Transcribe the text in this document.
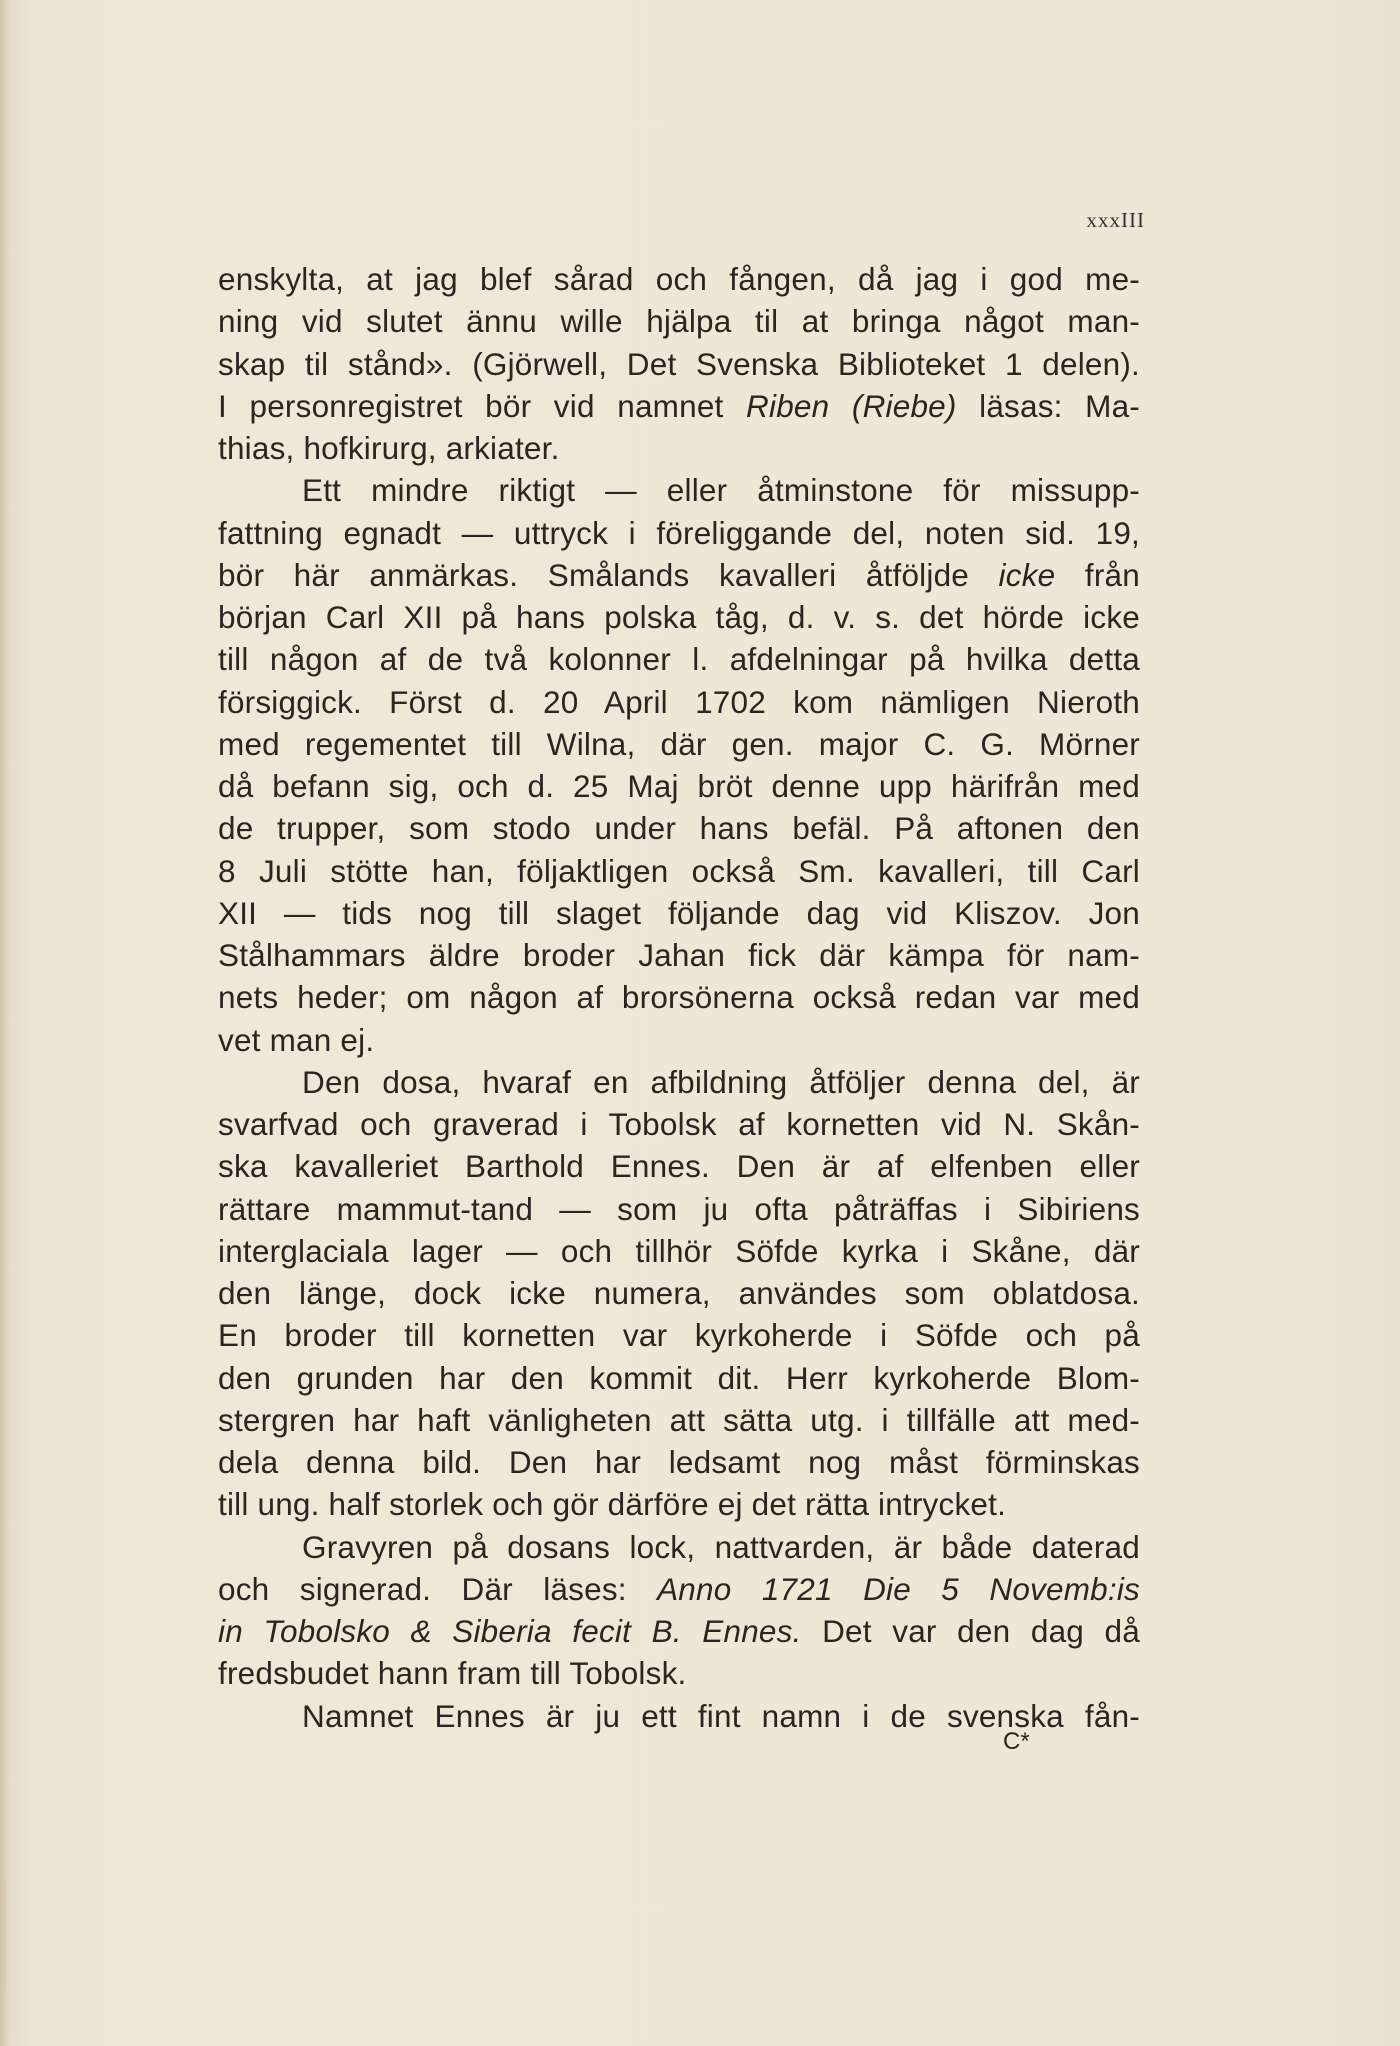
xxxIII
enskylta, at jag blef sårad och fången, då jag i god me-
ning vid slutet ännu wille hjälpa til at bringa något man-
skap til stånd». (Gjörwell, Det Svenska Biblioteket 1 delen).
I personregistret bör vid namnet Riben (Riebe) läsas: Ma-
thias, hofkirurg, arkiater.
Ett mindre riktigt — eller åtminstone för missupp-
fattning egnadt — uttryck i föreliggande del, noten sid. 19,
bör här anmärkas. Smålands kavalleri åtföljde icke från
början Carl XII på hans polska tåg, d. v. s. det hörde icke
till någon af de två kolonner l. afdelningar på hvilka detta
försiggick. Först d. 20 April 1702 kom nämligen Nieroth
med regementet till Wilna, där gen. major C. G. Mörner
då befann sig, och d. 25 Maj bröt denne upp härifrån med
de trupper, som stodo under hans befäl. På aftonen den
8 Juli stötte han, följaktligen också Sm. kavalleri, till Carl
XII — tids nog till slaget följande dag vid Kliszov. Jon
Stålhammars äldre broder Jahan fick där kämpa för nam-
nets heder; om någon af brorsönerna också redan var med
vet man ej.
Den dosa, hvaraf en afbildning åtföljer denna del, är
svarfvad och graverad i Tobolsk af kornetten vid N. Skån-
ska kavalleriet Barthold Ennes. Den är af elfenben eller
rättare mammut-tand — som ju ofta påträffas i Sibiriens
interglaciala lager — och tillhör Söfde kyrka i Skåne, där
den länge, dock icke numera, användes som oblatdosa.
En broder till kornetten var kyrkoherde i Söfde och på
den grunden har den kommit dit. Herr kyrkoherde Blom-
stergren har haft vänligheten att sätta utg. i tillfälle att med-
dela denna bild. Den har ledsamt nog måst förminskas
till ung. half storlek och gör därföre ej det rätta intrycket.
Gravyren på dosans lock, nattvarden, är både daterad
och signerad. Där läses: Anno 1721 Die 5 Novemb:is
in Tobolsko & Siberia fecit B. Ennes. Det var den dag då
fredsbudet hann fram till Tobolsk.
Namnet Ennes är ju ett fint namn i de svenska fån-
C*
